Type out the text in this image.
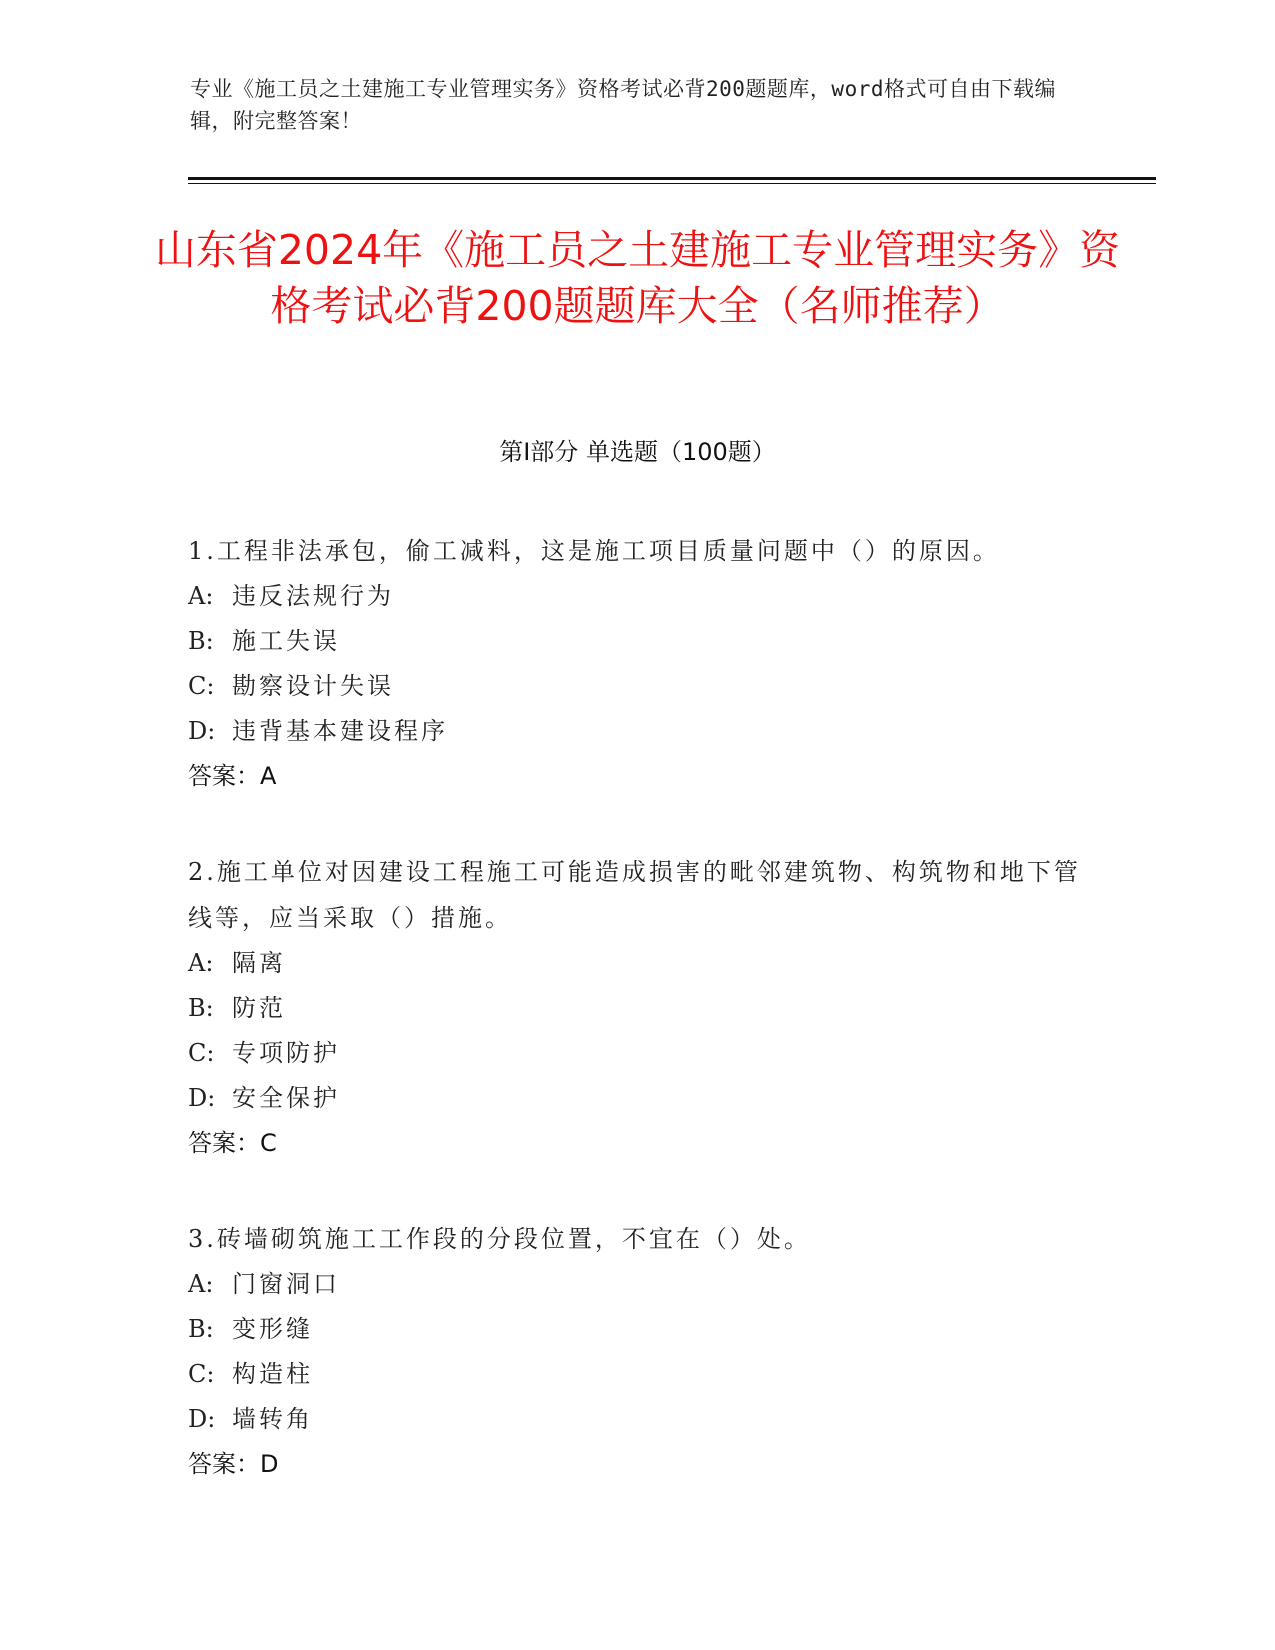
专业《施工员之土建施工专业管理实务》资格考试必背200题题库，word格式可自由下载编辑，附完整答案！
山东省2024年《施工员之土建施工专业管理实务》资格考试必背200题题库大全（名师推荐）
第I部分 单选题（100题）

1.工程非法承包，偷工减料，这是施工项目质量问题中（）的原因。

A: 违反法规行为

B: 施工失误

C: 勘察设计失误

D: 违背基本建设程序

答案：A

2.施工单位对因建设工程施工可能造成损害的毗邻建筑物、构筑物和地下管线等，应当采取（）措施。

A: 隔离

B: 防范

C: 专项防护

D: 安全保护

答案：C

3.砖墙砌筑施工工作段的分段位置，不宜在（）处。

A: 门窗洞口

B: 变形缝

C: 构造柱

D: 墙转角

答案：D
